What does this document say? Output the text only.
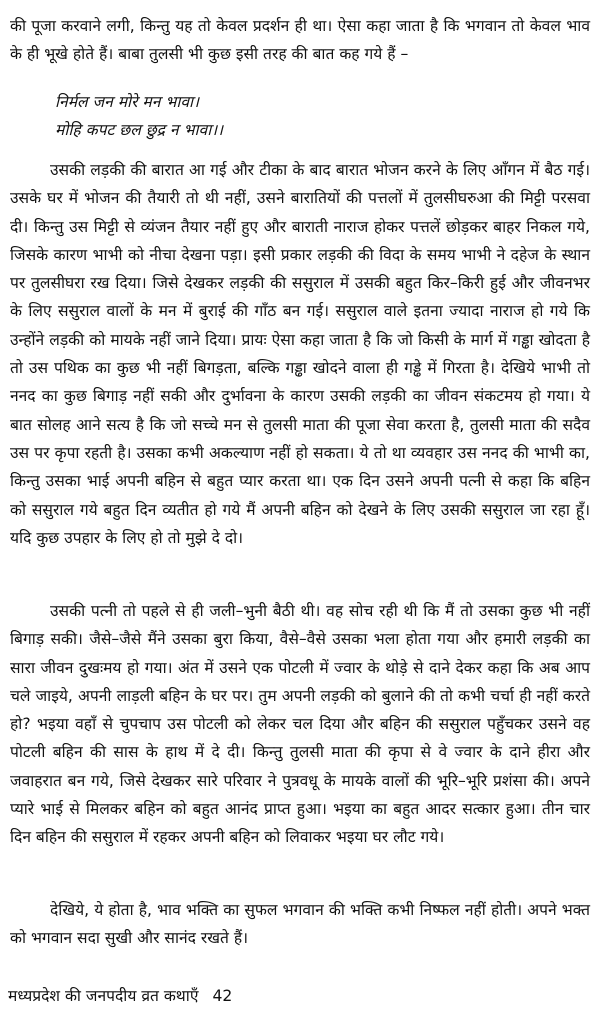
की पूजा करवाने लगी, किन्तु यह तो केवल प्रदर्शन ही था। ऐसा कहा जाता है कि भगवान तो केवल भाव के ही भूखे होते हैं। बाबा तुलसी भी कुछ इसी तरह की बात कह गये हैं –

निर्मल जन मोरे मन भावा।
मोहि कपट छल छुद्र न भावा।।

उसकी लड़की की बारात आ गई और टीका के बाद बारात भोजन करने के लिए आँगन में बैठ गई। उसके घर में भोजन की तैयारी तो थी नहीं, उसने बारातियों की पत्तलों में तुलसीघरुआ की मिट्टी परसवा दी। किन्तु उस मिट्टी से व्यंजन तैयार नहीं हुए और बाराती नाराज होकर पत्तलें छोड़कर बाहर निकल गये, जिसके कारण भाभी को नीचा देखना पड़ा। इसी प्रकार लड़की की विदा के समय भाभी ने दहेज के स्थान पर तुलसीघरा रख दिया। जिसे देखकर लड़की की ससुराल में उसकी बहुत किर–किरी हुई और जीवनभर के लिए ससुराल वालों के मन में बुराई की गाँठ बन गई। ससुराल वाले इतना ज्यादा नाराज हो गये कि उन्होंने लड़की को मायके नहीं जाने दिया। प्रायः ऐसा कहा जाता है कि जो किसी के मार्ग में गड्ढा खोदता है तो उस पथिक का कुछ भी नहीं बिगड़ता, बल्कि गड्ढा खोदने वाला ही गड्ढे में गिरता है। देखिये भाभी तो ननद का कुछ बिगाड़ नहीं सकी और दुर्भावना के कारण उसकी लड़की का जीवन संकटमय हो गया। ये बात सोलह आने सत्य है कि जो सच्चे मन से तुलसी माता की पूजा सेवा करता है, तुलसी माता की सदैव उस पर कृपा रहती है। उसका कभी अकल्याण नहीं हो सकता। ये तो था व्यवहार उस ननद की भाभी का, किन्तु उसका भाई अपनी बहिन से बहुत प्यार करता था। एक दिन उसने अपनी पत्नी से कहा कि बहिन को ससुराल गये बहुत दिन व्यतीत हो गये मैं अपनी बहिन को देखने के लिए उसकी ससुराल जा रहा हूँ। यदि कुछ उपहार के लिए हो तो मुझे दे दो।

उसकी पत्नी तो पहले से ही जली–भुनी बैठी थी। वह सोच रही थी कि मैं तो उसका कुछ भी नहीं बिगाड़ सकी। जैसे–जैसे मैंने उसका बुरा किया, वैसे–वैसे उसका भला होता गया और हमारी लड़की का सारा जीवन दुखःमय हो गया। अंत में उसने एक पोटली में ज्वार के थोड़े से दाने देकर कहा कि अब आप चले जाइये, अपनी लाड़ली बहिन के घर पर। तुम अपनी लड़की को बुलाने की तो कभी चर्चा ही नहीं करते हो? भइया वहाँ से चुपचाप उस पोटली को लेकर चल दिया और बहिन की ससुराल पहुँचकर उसने वह पोटली बहिन की सास के हाथ में दे दी। किन्तु तुलसी माता की कृपा से वे ज्वार के दाने हीरा और जवाहरात बन गये, जिसे देखकर सारे परिवार ने पुत्रवधू के मायके वालों की भूरि–भूरि प्रशंसा की। अपने प्यारे भाई से मिलकर बहिन को बहुत आनंद प्राप्त हुआ। भइया का बहुत आदर सत्कार हुआ। तीन चार दिन बहिन की ससुराल में रहकर अपनी बहिन को लिवाकर भइया घर लौट गये।

देखिये, ये होता है, भाव भक्ति का सुफल भगवान की भक्ति कभी निष्फल नहीं होती। अपने भक्त को भगवान सदा सुखी और सानंद रखते हैं।

मध्यप्रदेश की जनपदीय व्रत कथाएँ 42
